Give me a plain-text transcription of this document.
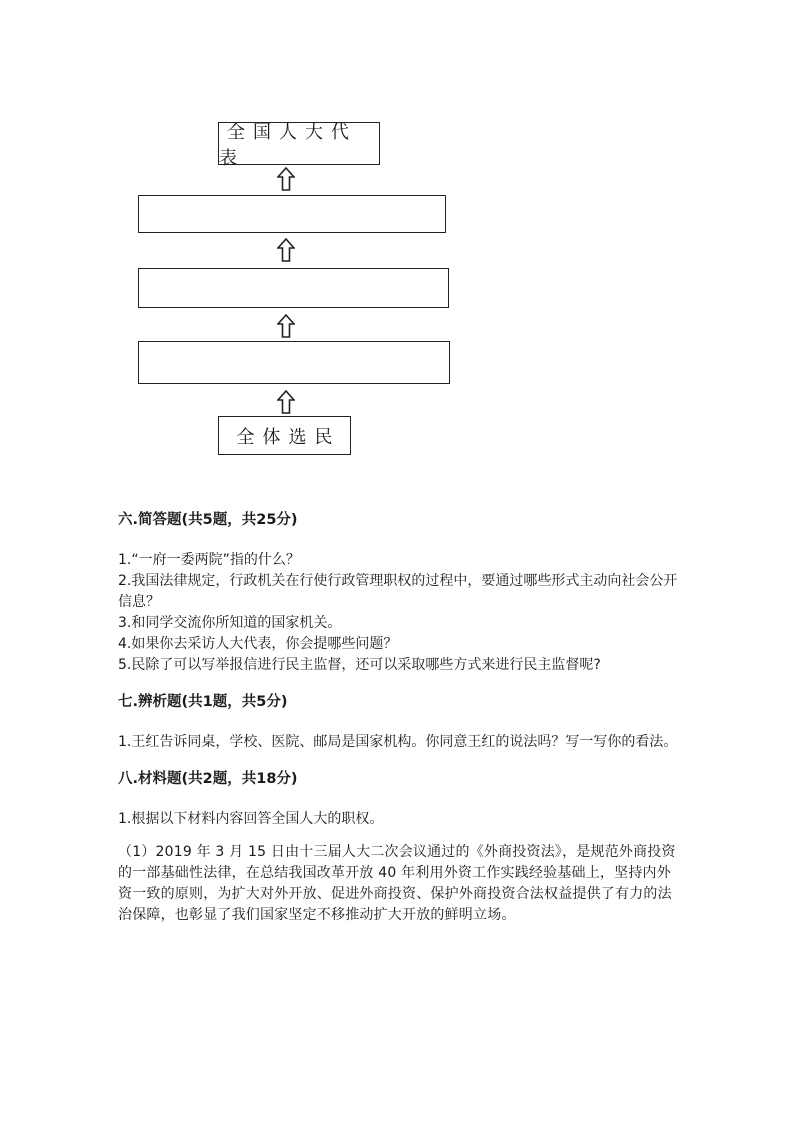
全国人大代表
全体选民
六.简答题(共5题，共25分)

1.“一府一委两院”指的什么？

2.我国法律规定，行政机关在行使行政管理职权的过程中，要通过哪些形式主动向社会公开信息？

3.和同学交流你所知道的国家机关。

4.如果你去采访人大代表，你会提哪些问题？

5.民除了可以写举报信进行民主监督，还可以采取哪些方式来进行民主监督呢?

七.辨析题(共1题，共5分)

1.王红告诉同桌，学校、医院、邮局是国家机构。你同意王红的说法吗？写一写你的看法。

八.材料题(共2题，共18分)

1.根据以下材料内容回答全国人大的职权。

（1）2019 年 3 月 15 日由十三届人大二次会议通过的《外商投资法》，是规范外商投资的一部基础性法律，在总结我国改革开放 40 年利用外资工作实践经验基础上，坚持内外资一致的原则，为扩大对外开放、促进外商投资、保护外商投资合法权益提供了有力的法治保障，也彰显了我们国家坚定不移推动扩大开放的鲜明立场。
